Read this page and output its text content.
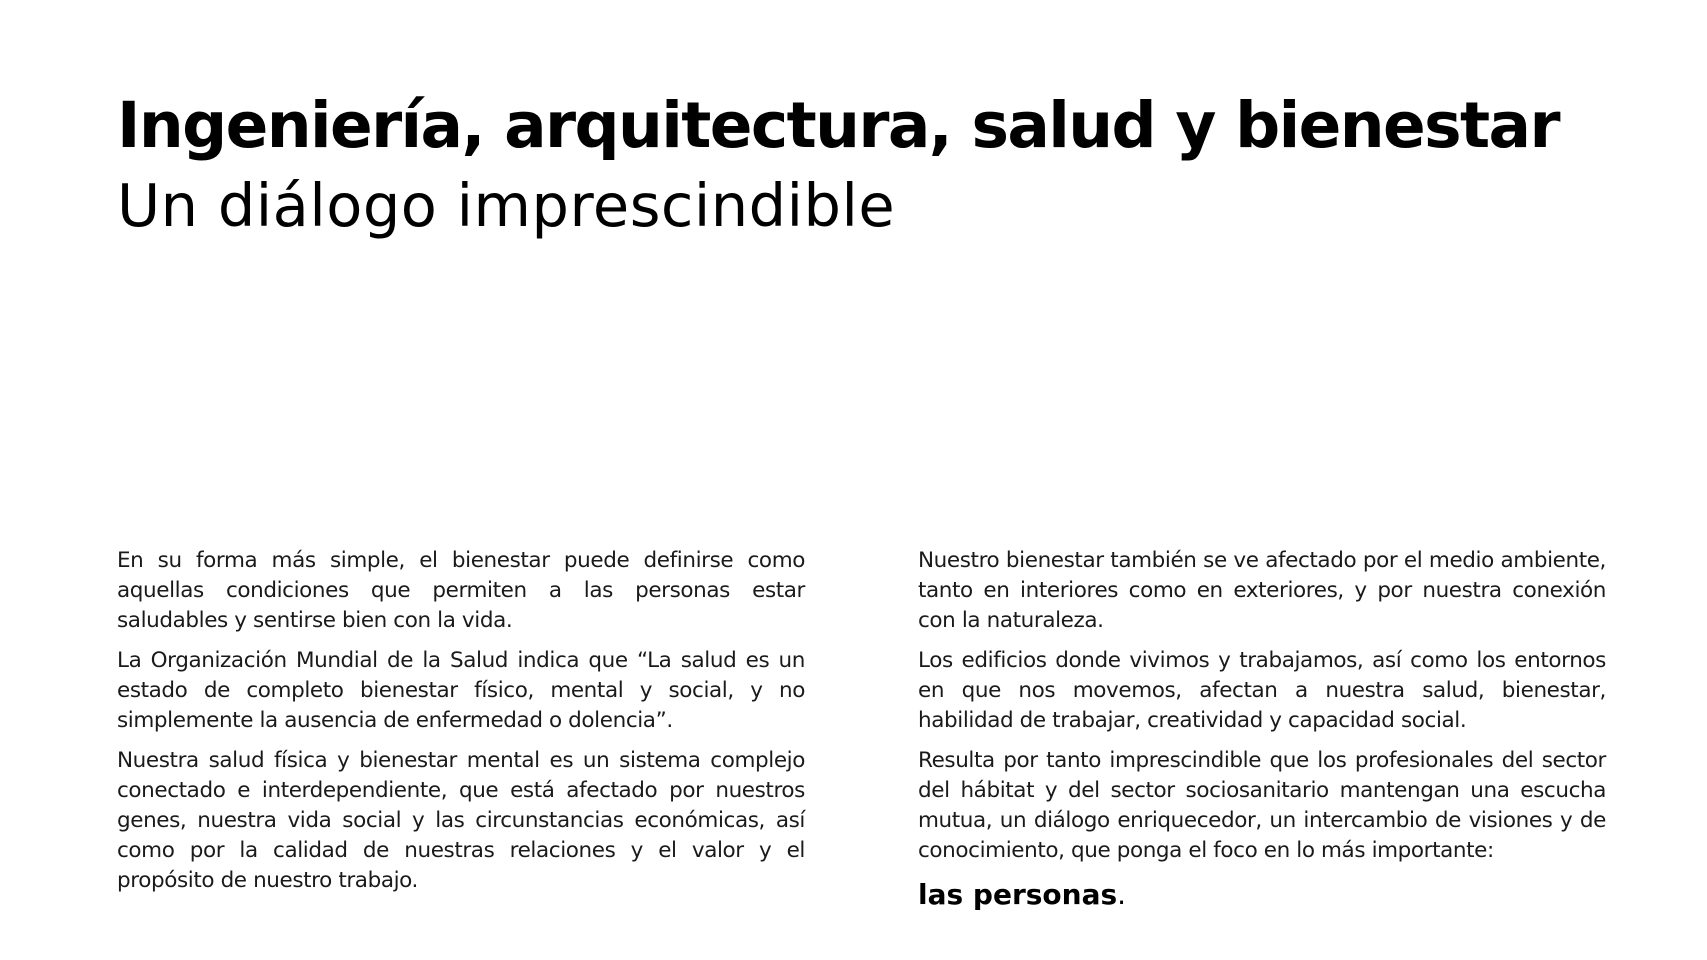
Ingeniería, arquitectura, salud y bienestar
Un diálogo imprescindible

En su forma más simple, el bienestar puede definirse como aquellas condiciones que permiten a las personas estar saludables y sentirse bien con la vida.

La Organización Mundial de la Salud indica que “La salud es un estado de completo bienestar físico, mental y social, y no simplemente la ausencia de enfermedad o dolencia”.

Nuestra salud física y bienestar mental es un sistema complejo conectado e interdependiente, que está afectado por nuestros genes, nuestra vida social y las circunstancias económicas, así como por la calidad de nuestras relaciones y el valor y el propósito de nuestro trabajo.

Nuestro bienestar también se ve afectado por el medio ambiente, tanto en interiores como en exteriores, y por nuestra conexión con la naturaleza.

Los edificios donde vivimos y trabajamos, así como los entornos en que nos movemos, afectan a nuestra salud, bienestar, habilidad de trabajar, creatividad y capacidad social.

Resulta por tanto imprescindible que los profesionales del sector del hábitat y del sector sociosanitario mantengan una escucha mutua, un diálogo enriquecedor, un intercambio de visiones y de conocimiento, que ponga el foco en lo más importante:

las personas.
